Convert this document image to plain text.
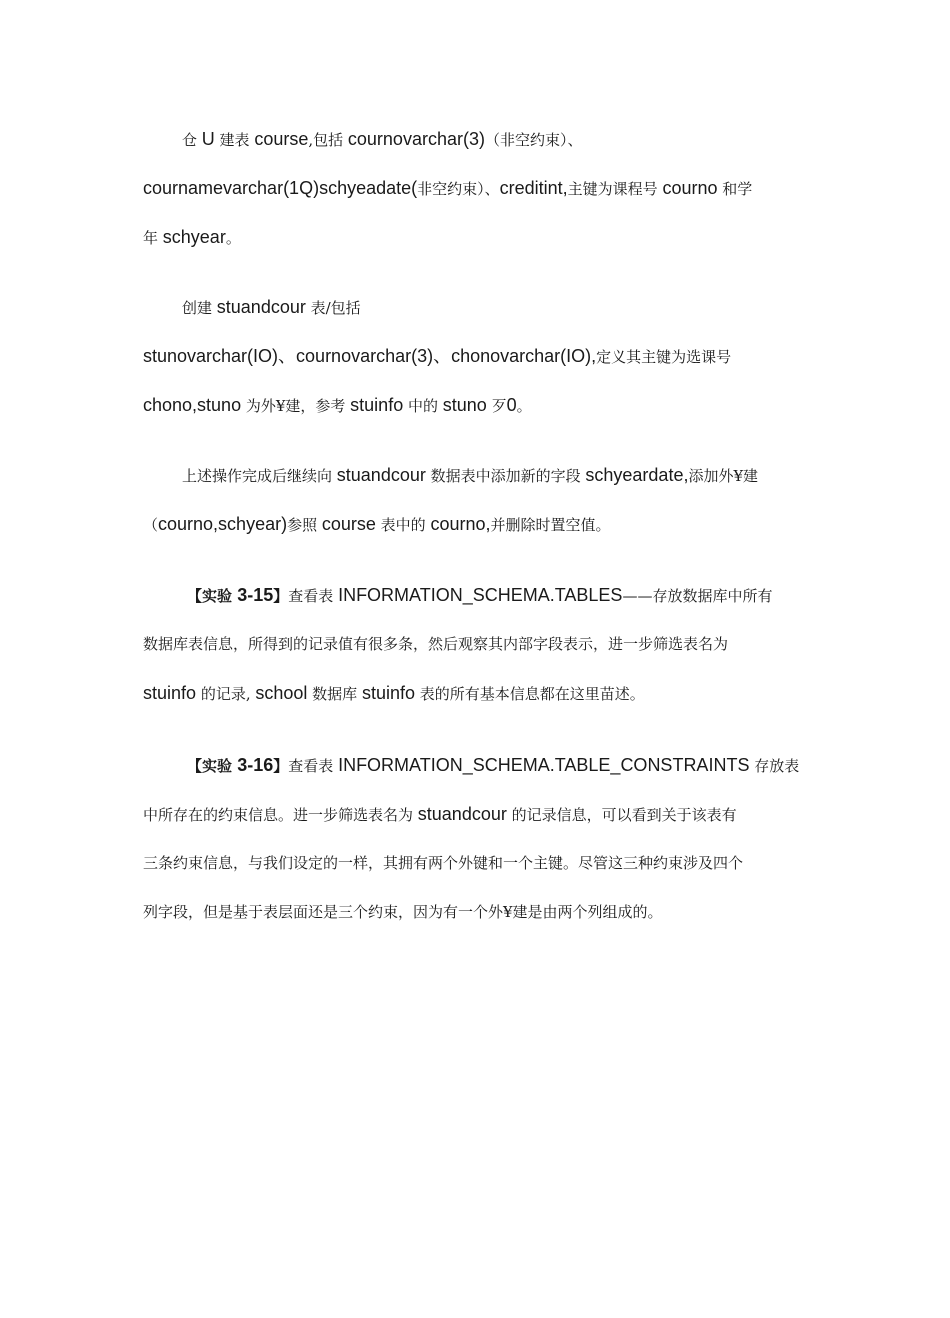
仓 U 建表 course,包括 cournovarchar(3)（非空约束）、
cournamevarchar(1Q)schyeadate(非空约束）、creditint,主键为课程号 courno 和学
年 schyear。
创建 stuandcour 表/包括
stunovarchar(IO)、cournovarchar(3)、chonovarchar(IO),定义其主键为选课号
chono,stuno 为外¥建，参考 stuinfo 中的 stuno 歹0。
上述操作完成后继续向 stuandcour 数据表中添加新的字段 schyeardate,添加外¥建
（courno,schyear)参照 course 表中的 courno,并删除时置空值。
【实验 3-15】查看表 INFORMATION_SCHEMA.TABLES——存放数据库中所有
数据库表信息，所得到的记录值有很多条，然后观察其内部字段表示，进一步筛选表名为
stuinfo 的记录, school 数据库 stuinfo 表的所有基本信息都在这里苗述。
【实验 3-16】查看表 INFORMATION_SCHEMA.TABLE_CONSTRAINTS 存放表
中所存在的约束信息。进一步筛选表名为 stuandcour 的记录信息，可以看到关于该表有
三条约束信息，与我们设定的一样，其拥有两个外键和一个主键。尽管这三种约束涉及四个
列字段，但是基于表层面还是三个约束，因为有一个外¥建是由两个列组成的。
